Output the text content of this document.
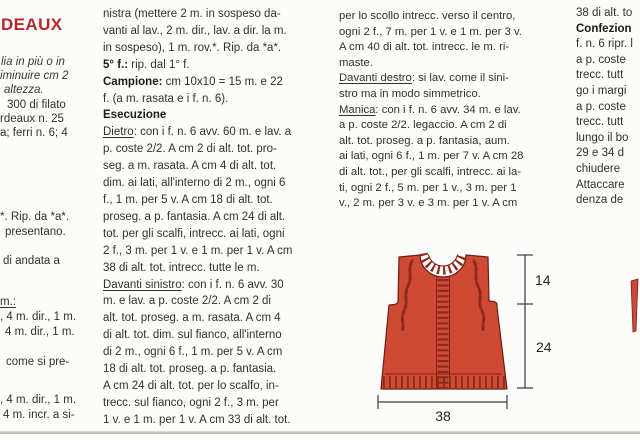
DEAUX
lia in più o in
iminuire cm 2
altezza.
300 di filato
rdeaux n. 25
a; ferri n. 6; 4
*. Rip. da *a*.
presentano.
di andata a
m.:
, 4 m. dir., 1 m.
4 m. dir., 1 m.
come si pre-
, 4 m. dir., 1 m.
4 m. incr. a si-
nistra (mettere 2 m. in sospeso da-
vanti al lav., 2 m. dir., lav. a dir. la m.
in sospeso), 1 m. rov.*. Rip. da *a*.
5° f.: rip. dal 1° f.
Campione: cm 10x10 = 15 m. e 22
f. (a m. rasata e i f. n. 6).
Esecuzione
Dietro: con i f. n. 6 avv. 60 m. e lav. a
p. coste 2/2. A cm 2 di alt. tot. pro-
seg. a m. rasata. A cm 4 di alt. tot.
dim. ai lati, all'interno di 2 m., ogni 6
f., 1 m. per 5 v. A cm 18 di alt. tot.
proseg. a p. fantasia. A cm 24 di alt.
tot. per gli scalfi, intrecc. ai lati, ogni
2 f., 3 m. per 1 v. e 1 m. per 1 v. A cm
38 di alt. tot. intrecc. tutte le m.
Davanti sinistro: con i f. n. 6 avv. 30
m. e lav. a p. coste 2/2. A cm 2 di
alt. tot. proseg. a m. rasata. A cm 4
di alt. tot. dim. sul fianco, all'interno
di 2 m., ogni 6 f., 1 m. per 5 v. A cm
18 di alt. tot. proseg. a p. fantasia.
A cm 24 di alt. tot. per lo scalfo, in-
trecc. sul fianco, ogni 2 f., 3 m. per
1 v. e 1 m. per 1 v. A cm 33 di alt. tot.
per lo scollo intrecc. verso il centro,
ogni 2 f., 7 m. per 1 v. e 1 m. per 3 v.
A cm 40 di alt. tot. intrecc. le m. ri-
maste.
Davanti destro: si lav. come il sini-
stro ma in modo simmetrico.
Manica: con i f. n. 6 avv. 34 m. e lav.
a p. coste 2/2. legaccio. A cm 2 di
alt. tot. proseg. a p. fantasia, aum.
ai lati, ogni 6 f., 1 m. per 7 v. A cm 28
di alt. tot., per gli scalfi, intrecc. ai la-
ti, ogni 2 f., 5 m. per 1 v., 3 m. per 1
v., 2 m. per 3 v. e 3 m. per 1 v. A cm
38 di alt. to
Confezion
f. n. 6 ripr. l
a p. coste
trecc. tutt
go i margi
a p. coste
trecc. tutt
lungo il bo
29 e 34 d
chiudere
Attaccare
denza de
14
24
38
